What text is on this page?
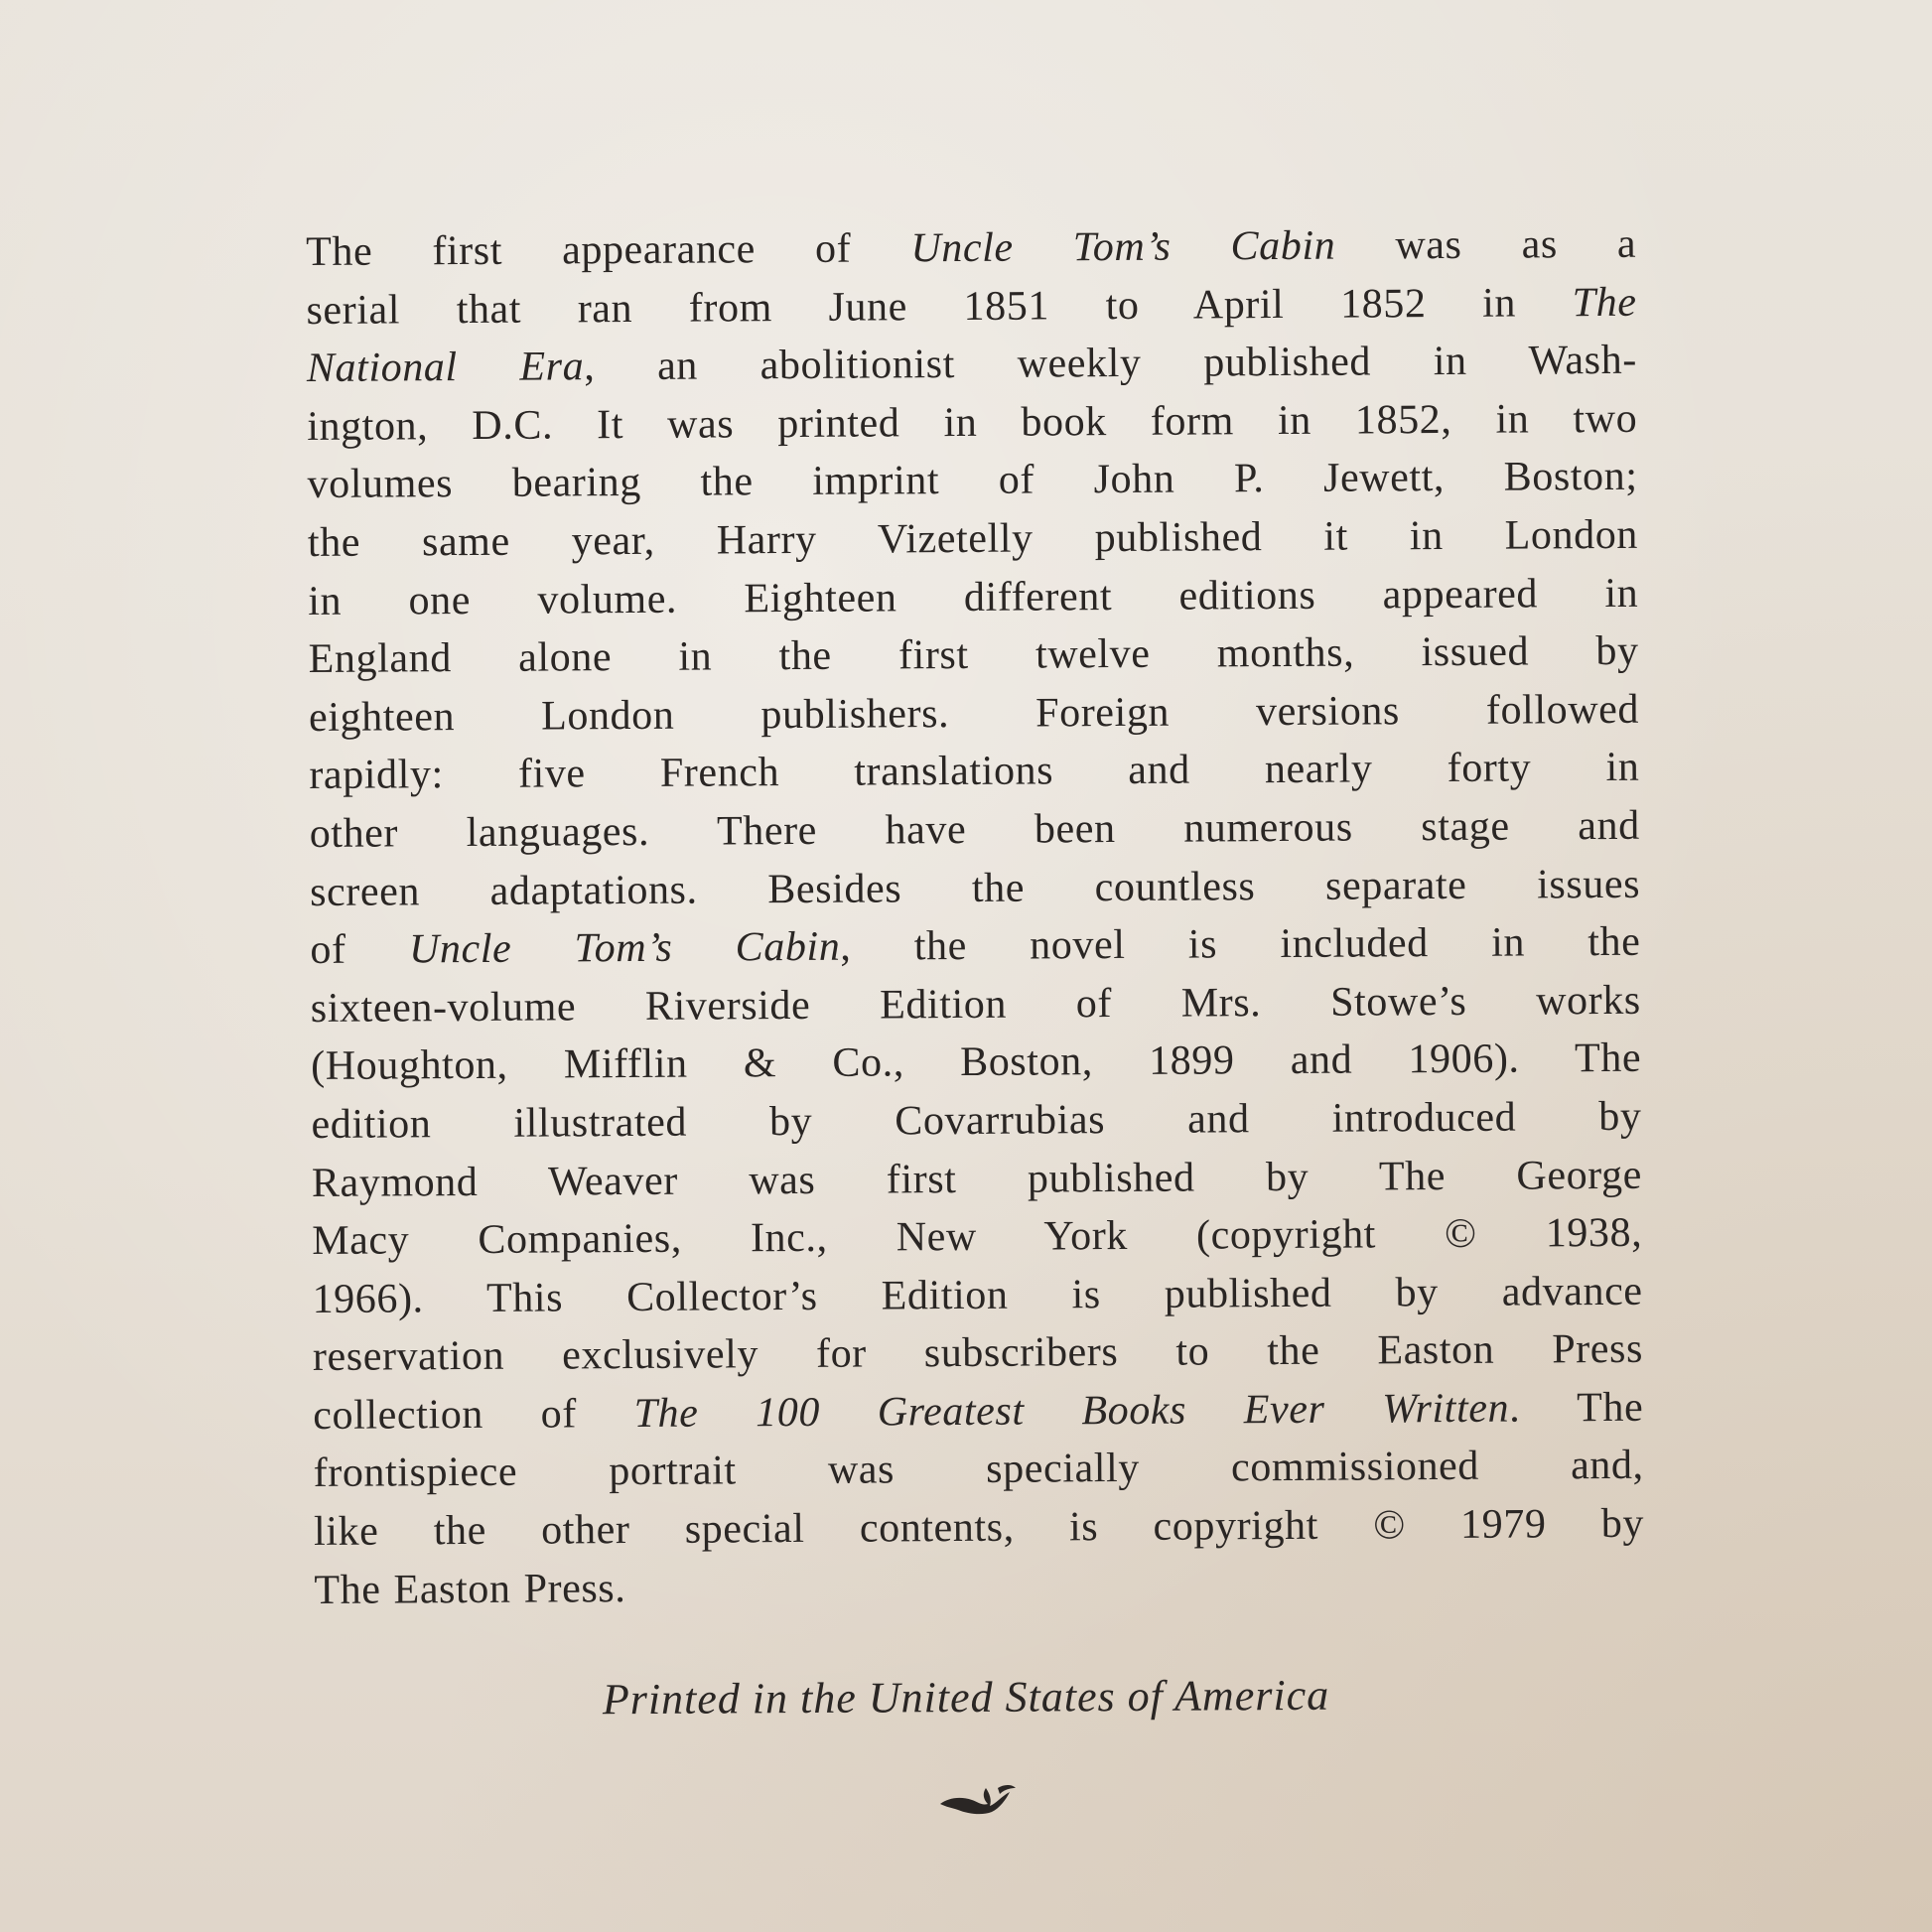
The first appearance of Uncle Tom’s Cabin was as a
serial that ran from June 1851 to April 1852 in The
National Era, an abolitionist weekly published in Wash-
ington, D.C. It was printed in book form in 1852, in two
volumes bearing the imprint of John P. Jewett, Boston;
the same year, Harry Vizetelly published it in London
in one volume. Eighteen different editions appeared in
England alone in the first twelve months, issued by
eighteen London publishers. Foreign versions followed
rapidly: five French translations and nearly forty in
other languages. There have been numerous stage and
screen adaptations. Besides the countless separate issues
of Uncle Tom’s Cabin, the novel is included in the
sixteen-volume Riverside Edition of Mrs. Stowe’s works
(Houghton, Mifflin & Co., Boston, 1899 and 1906). The
edition illustrated by Covarrubias and introduced by
Raymond Weaver was first published by The George
Macy Companies, Inc., New York (copyright © 1938,
1966). This Collector’s Edition is published by advance
reservation exclusively for subscribers to the Easton Press
collection of The 100 Greatest Books Ever Written. The
frontispiece portrait was specially commissioned and,
like the other special contents, is copyright © 1979 by
The Easton Press.
Printed in the United States of America
